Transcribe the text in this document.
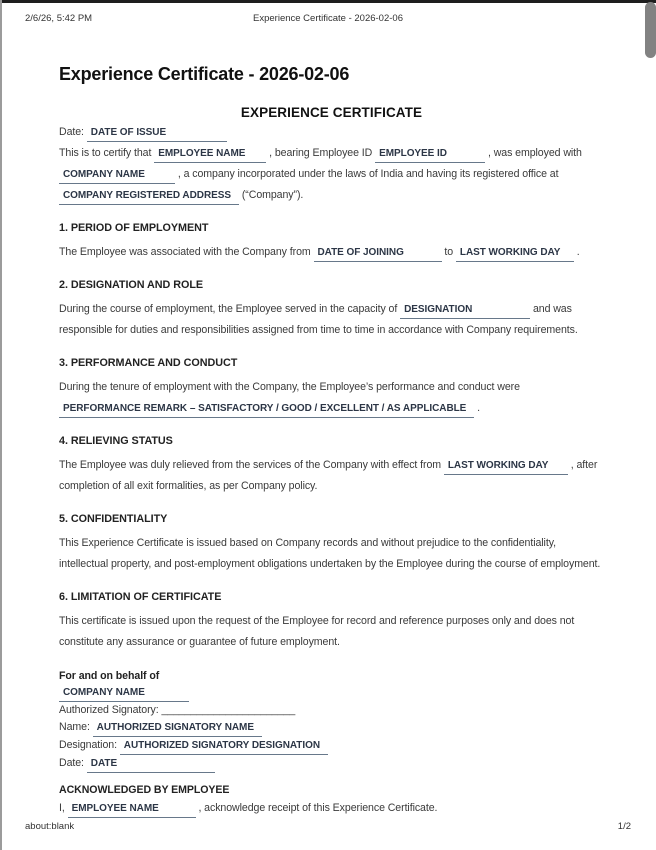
Experience Certificate - 2026-02-06
2/6/26, 5:42 PM
Experience Certificate - 2026-02-06
EXPERIENCE CERTIFICATE

Date: DATE OF ISSUE

This is to certify that EMPLOYEE NAME , bearing Employee ID EMPLOYEE ID	, was employed with COMPANY NAME	, a company incorporated under the laws of India and having its registered office at COMPANY REGISTERED ADDRESS (“Company”).

1. PERIOD OF EMPLOYMENT

The Employee was associated with the Company from DATE OF JOINING	to LAST WORKING DAY .

2. DESIGNATION AND ROLE

During the course of employment, the Employee served in the capacity of DESIGNATION	and was responsible for duties and responsibilities assigned from time to time in accordance with Company requirements.

3. PERFORMANCE AND CONDUCT

During the tenure of employment with the Company, the Employee’s performance and conduct were PERFORMANCE REMARK – SATISFACTORY / GOOD / EXCELLENT / AS APPLICABLE .

4. RELIEVING STATUS

The Employee was duly relieved from the services of the Company with effect from LAST WORKING DAY , after completion of all exit formalities, as per Company policy.

5. CONFIDENTIALITY

This Experience Certificate is issued based on Company records and without prejudice to the confidentiality, intellectual property, and post-employment obligations undertaken by the Employee during the course of employment.

6. LIMITATION OF CERTIFICATE

This certificate is issued upon the request of the Employee for record and reference purposes only and does not constitute any assurance or guarantee of future employment.

For and on behalf of

COMPANY NAME

Authorized Signatory: _______________________

Name: AUTHORIZED SIGNATORY NAME

Designation: AUTHORIZED SIGNATORY DESIGNATION

Date: DATE

ACKNOWLEDGED BY EMPLOYEE

I, EMPLOYEE NAME	, acknowledge receipt of this Experience Certificate.

about:blank	1/2
